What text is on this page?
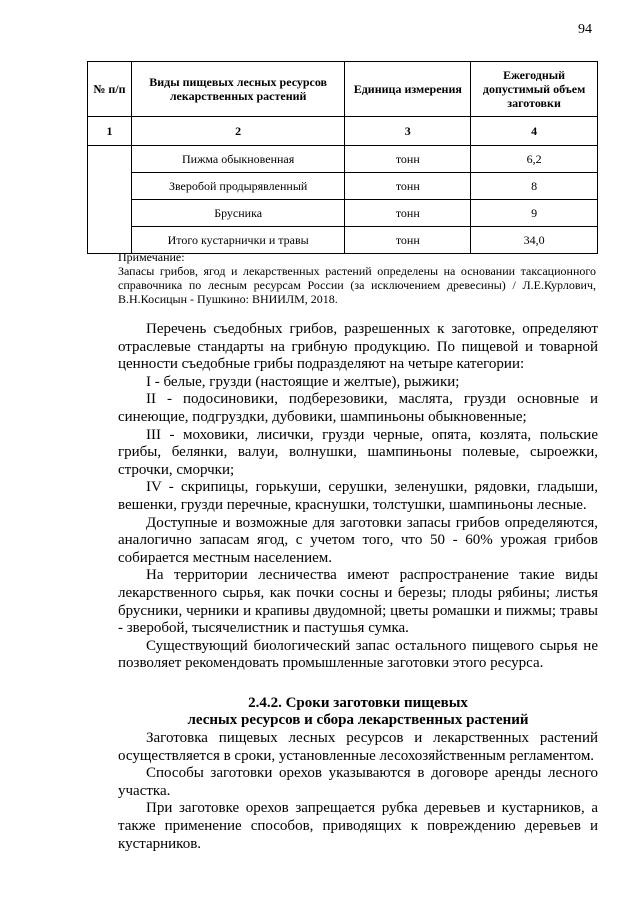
94
№ п/п	Виды пищевых лесных ресурсов лекарственных растений	Единица измерения	Ежегодный допустимый объем заготовки
1	2	3	4
	Пижма обыкновенная	тонн	6,2
	Зверобой продырявленный	тонн	8
	Брусника	тонн	9
	Итого кустарнички и травы	тонн	34,0
Примечание:
Запасы грибов, ягод и лекарственных растений определены на основании таксационного справочника по лесным ресурсам России (за исключением древесины) / Л.Е.Курлович, В.Н.Косицын - Пушкино: ВНИИЛМ, 2018.

Перечень съедобных грибов, разрешенных к заготовке, определяют отраслевые стандарты на грибную продукцию. По пищевой и товарной ценности съедобные грибы подразделяют на четыре категории:

I - белые, грузди (настоящие и желтые), рыжики;

II - подосиновики, подберезовики, маслята, грузди основные и синеющие, подгруздки, дубовики, шампиньоны обыкновенные;

III - моховики, лисички, грузди черные, опята, козлята, польские грибы, белянки, валуи, волнушки, шампиньоны полевые, сыроежки, строчки, сморчки;

IV - скрипицы, горькуши, серушки, зеленушки, рядовки, гладыши, вешенки, грузди перечные, краснушки, толстушки, шампиньоны лесные.

Доступные и возможные для заготовки запасы грибов определяются, аналогично запасам ягод, с учетом того, что 50 - 60% урожая грибов собирается местным населением.

На территории лесничества имеют распространение такие виды лекарственного сырья, как почки сосны и березы; плоды рябины; листья брусники, черники и крапивы двудомной; цветы ромашки и пижмы; травы - зверобой, тысячелистник и пастушья сумка.

Существующий биологический запас остального пищевого сырья не позволяет рекомендовать промышленные заготовки этого ресурса.

2.4.2. Сроки заготовки пищевых
лесных ресурсов и сбора лекарственных растений

Заготовка пищевых лесных ресурсов и лекарственных растений осуществляется в сроки, установленные лесохозяйственным регламентом.

Способы заготовки орехов указываются в договоре аренды лесного участка.

При заготовке орехов запрещается рубка деревьев и кустарников, а также применение способов, приводящих к повреждению деревьев и кустарников.
